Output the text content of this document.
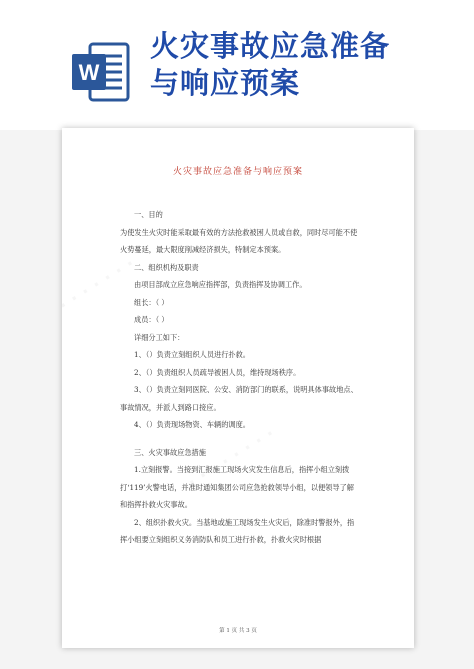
W
火灾事故应急准备
与响应预案
火灾事故应急准备与响应预案

一、目的

为使发生火灾时能采取最有效的方法抢救被困人员或自救，同时尽可能不使火势蔓延，最大限度削减经济损失，特制定本预案。

二、组织机构及职责

由项目部成立应急响应指挥部，负责指挥及协调工作。

组长：（ ）

成员：（ ）

详细分工如下：

1、（）负责立刻组织人员进行扑救。

2、（）负责组织人员疏导被困人员，维持现场秩序。

3、（）负责立刻同医院、公安、消防部门的联系，说明具体事故地点、事故情况，并派人到路口接应。

4、（）负责现场物资、车辆的调度。

三、火灾事故应急措施

1.立刻报警。当接到汇报施工现场火灾发生信息后，指挥小组立刻拨打‘119’火警电话，并准时通知集团公司应急抢救领导小组，以便领导了解和指挥扑救火灾事故。

2、组织扑救火灾。当基地或施工现场发生火灾后，除准时警报外，指挥小组要立刻组织义务消防队和员工进行扑救，扑救火灾时根据

第 1 页 共 3 页
